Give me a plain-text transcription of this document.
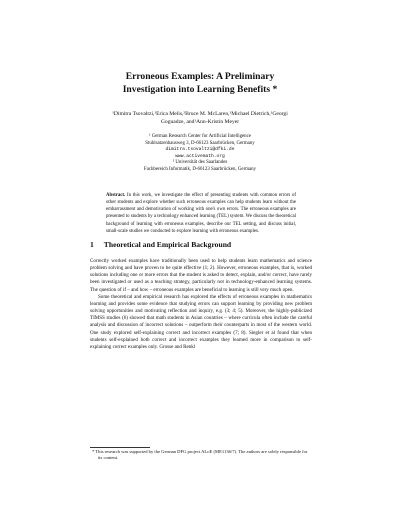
Erroneous Examples: A Preliminary
Investigation into Learning Benefits *
¹Dimitra Tsovaltzi,¹Erica Melis,²Bruce M. McLaren,¹Michael Dietrich,¹Georgi
Goguadze, and¹Ann-Kristin Meyer
¹ German Research Center for Artificial Intelligence
Stuhlsatzenhausweg 3, D-66123 Saarbrücken, Germany
dimitra.tsovaltzi@dfki.de
www.activemath.org
² Universität des Saarlandes
Fachbereich Informatik, D-66123 Saarbrücken, Germany
Abstract. In this work, we investigate the effect of presenting students with common errors of other students and explore whether such erroneous examples can help students learn without the embarrassment and demotivation of working with one's own errors. The erroneous examples are presented to students by a technology enhanced learning (TEL) system. We discuss the theoretical background of learning with erroneous examples, describe our TEL setting, and discuss initial, small-scale studies we conducted to explore learning with erroneous examples.
1 Theoretical and Empirical Background

Correctly worked examples have traditionally been used to help students learn mathematics and science problem solving and have proven to be quite effective (1; 2). However, erroneous examples, that is, worked solutions including one or more errors that the student is asked to detect, explain, and/or correct, have rarely been investigated or used as a teaching strategy, particularly not in technology-enhanced learning systems. The question of if – and how – erroneous examples are beneficial to learning is still very much open.

Some theoretical and empirical research has explored the effects of erroneous examples in mathematics learning and provides some evidence that studying errors can support learning by providing new problem solving opportunities and motivating reflection and inquiry, e.g. (3; 4; 5). Moreover, the highly-publicized TIMSS studies (6) showed that math students in Asian countries – where curricula often include the careful analysis and discussion of incorrect solutions – outperform their counterparts in most of the western world. One study explored self-explaining correct and incorrect examples (7; 8). Siegler et al found that when students self-explained both correct and incorrect examples they learned more in comparison to self-explaining correct examples only. Grosse and Renkl

* This research was supported by the German DFG project ALoE (ME1136/7). The authors are solely responsible for its content.
